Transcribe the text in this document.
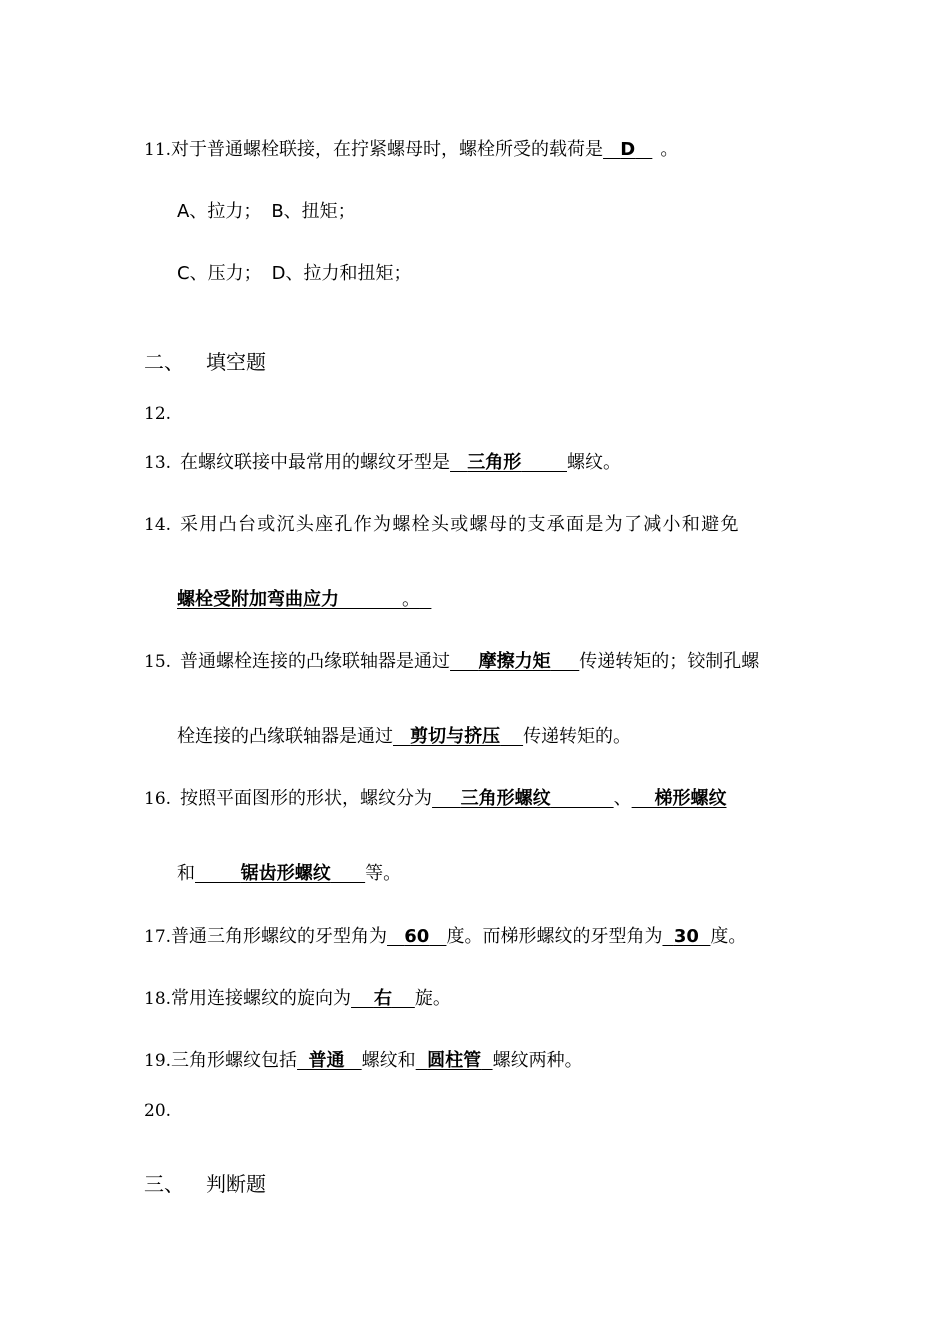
11.对于普通螺栓联接，在拧紧螺母时，螺栓所受的载荷是 D 。
A、拉力； B、扭矩；
C、压力； D、拉力和扭矩；
二、 填空题
12.
13. 在螺纹联接中最常用的螺纹牙型是 三角形	螺纹。
14. 采用凸台或沉头座孔作为螺栓头或螺母的支承面是为了减小和避免
螺栓受附加弯曲应力	。
15. 普通螺栓连接的凸缘联轴器是通过 摩擦力矩 传递转矩的；铰制孔螺
栓连接的凸缘联轴器是通过 剪切与挤压 传递转矩的。
16. 按照平面图形的形状，螺纹分为 三角形螺纹	、 梯形螺纹
和	锯齿形螺纹 等。
17.普通三角形螺纹的牙型角为 60 度。而梯形螺纹的牙型角为 30 度。
18.常用连接螺纹的旋向为 右 旋。
19.三角形螺纹包括 普通 螺纹和 圆柱管 螺纹两种。
20.
三、 判断题
